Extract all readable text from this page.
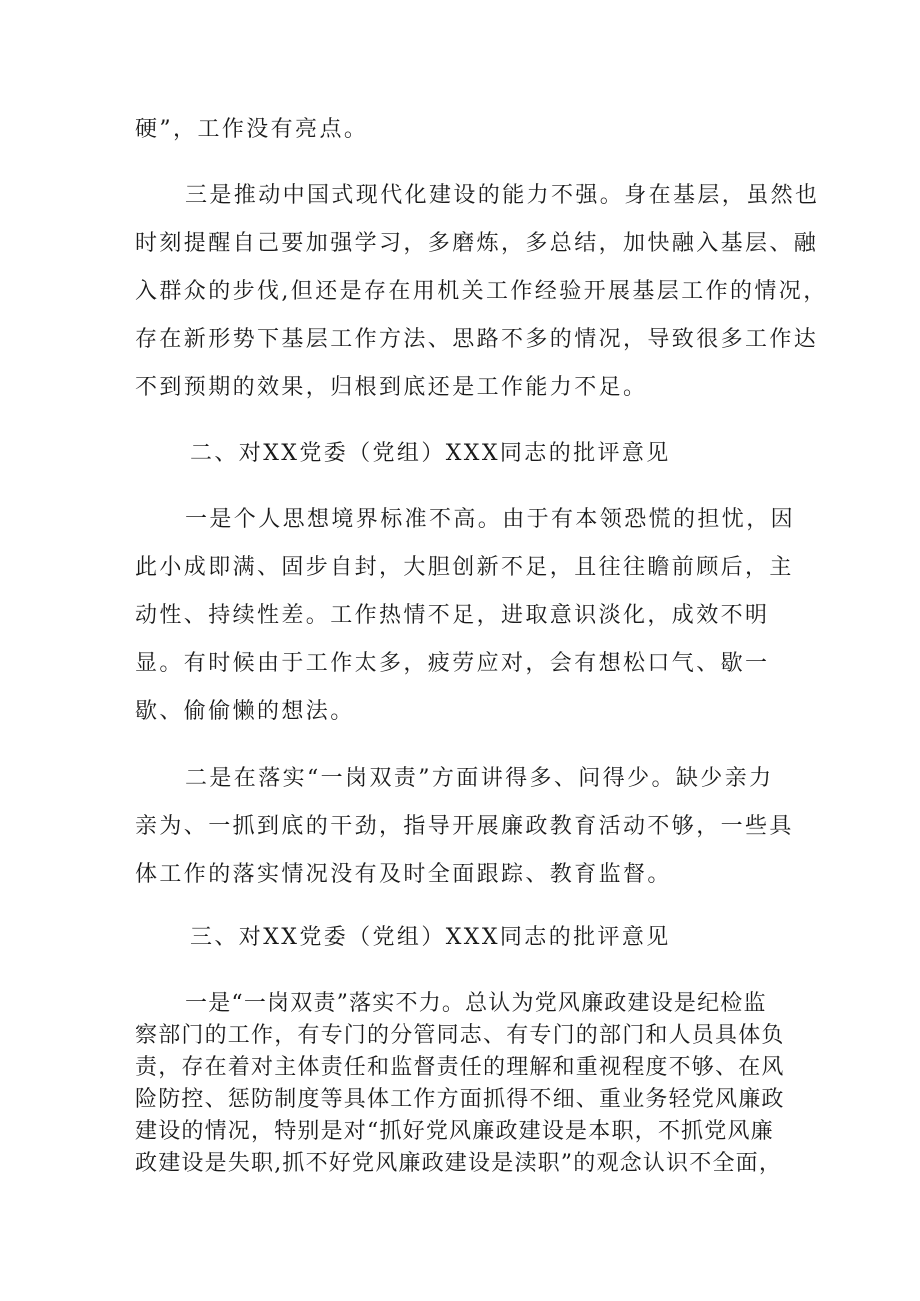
硬”，工作没有亮点。

三是推动中国式现代化建设的能力不强。身在基层，虽然也
时刻提醒自己要加强学习，多磨炼，多总结，加快融入基层、融
入群众的步伐,但还是存在用机关工作经验开展基层工作的情况，
存在新形势下基层工作方法、思路不多的情况，导致很多工作达
不到预期的效果，归根到底还是工作能力不足。

二、对XX党委（党组）XXX同志的批评意见

一是个人思想境界标准不高。由于有本领恐慌的担忧，因
此小成即满、固步自封，大胆创新不足，且往往瞻前顾后，主
动性、持续性差。工作热情不足，进取意识淡化，成效不明
显。有时候由于工作太多，疲劳应对，会有想松口气、歇一
歇、偷偷懒的想法。

二是在落实“一岗双责”方面讲得多、问得少。缺少亲力
亲为、一抓到底的干劲，指导开展廉政教育活动不够，一些具
体工作的落实情况没有及时全面跟踪、教育监督。

三、对XX党委（党组）XXX同志的批评意见

一是“一岗双责”落实不力。总认为党风廉政建设是纪检监
察部门的工作，有专门的分管同志、有专门的部门和人员具体负
责，存在着对主体责任和监督责任的理解和重视程度不够、在风
险防控、惩防制度等具体工作方面抓得不细、重业务轻党风廉政
建设的情况，特别是对“抓好党风廉政建设是本职，不抓党风廉
政建设是失职,抓不好党风廉政建设是渎职”的观念认识不全面，
